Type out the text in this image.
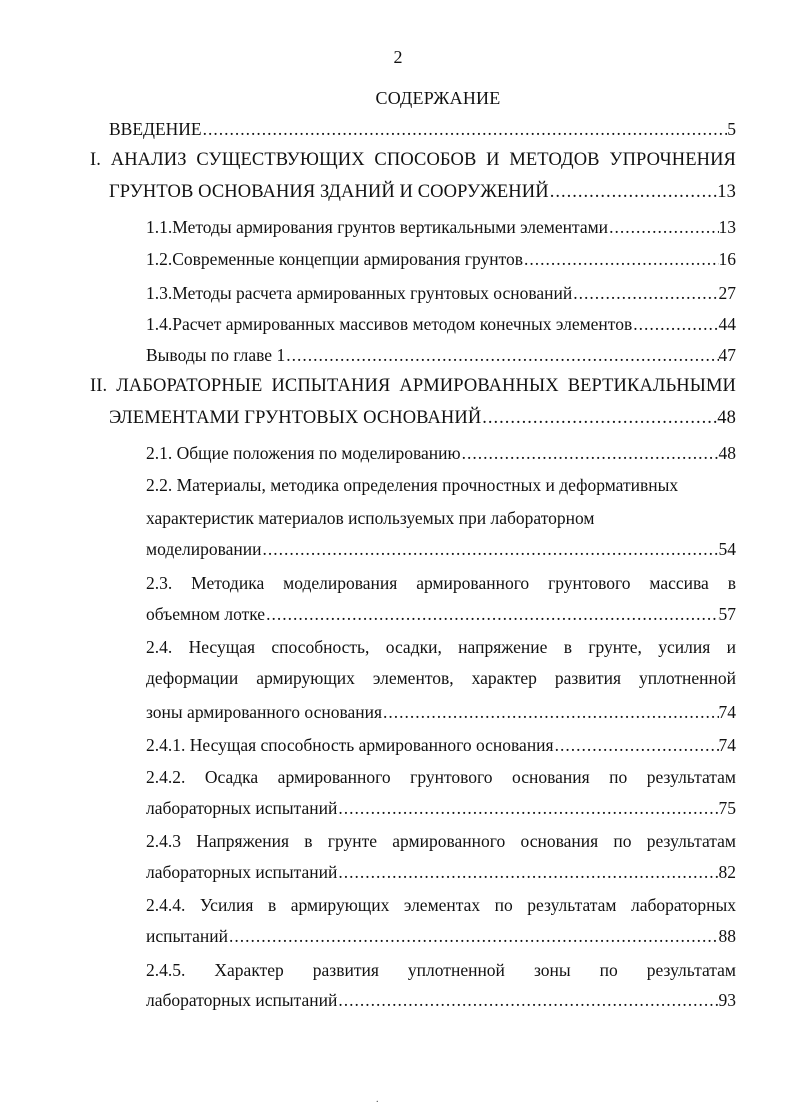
2
СОДЕРЖАНИЕ
ВВЕДЕНИЕ .....	5
I. АНАЛИЗ СУЩЕСТВУЮЩИХ СПОСОБОВ И МЕТОДОВ УПРОЧНЕНИЯ
ГРУНТОВ ОСНОВАНИЯ ЗДАНИЙ И СООРУЖЕНИЙ .....	13
1.1. Методы армирования грунтов вертикальными элементами .....	13
1.2. Современные концепции армирования грунтов .....	16
1.3. Методы расчета армированных грунтовых оснований .....	27
1.4. Расчет армированных массивов методом конечных элементов .....	44
Выводы по главе 1 .....	47
II. ЛАБОРАТОРНЫЕ ИСПЫТАНИЯ АРМИРОВАННЫХ ВЕРТИКАЛЬНЫМИ
ЭЛЕМЕНТАМИ ГРУНТОВЫХ ОСНОВАНИЙ .....	48
2.1. Общие положения по моделированию .....	48
2.2. Материалы, методика определения прочностных и деформативных
характеристик материалов используемых при лабораторном
моделировании .....	54
2.3. Методика моделирования армированного грунтового массива в
объемном лотке .....	57
2.4. Несущая способность, осадки, напряжение в грунте, усилия и
деформации армирующих элементов, характер развития уплотненной
зоны армированного основания .....	74
2.4.1. Несущая способность армированного основания .....	74
2.4.2. Осадка армированного грунтового основания по результатам
лабораторных испытаний .....	75
2.4.3 Напряжения в грунте армированного основания по результатам
лабораторных испытаний .....	82
2.4.4. Усилия в армирующих элементах по результатам лабораторных
испытаний .....	88
2.4.5. Характер развития уплотненной зоны по результатам
лабораторных испытаний .....	93
.
